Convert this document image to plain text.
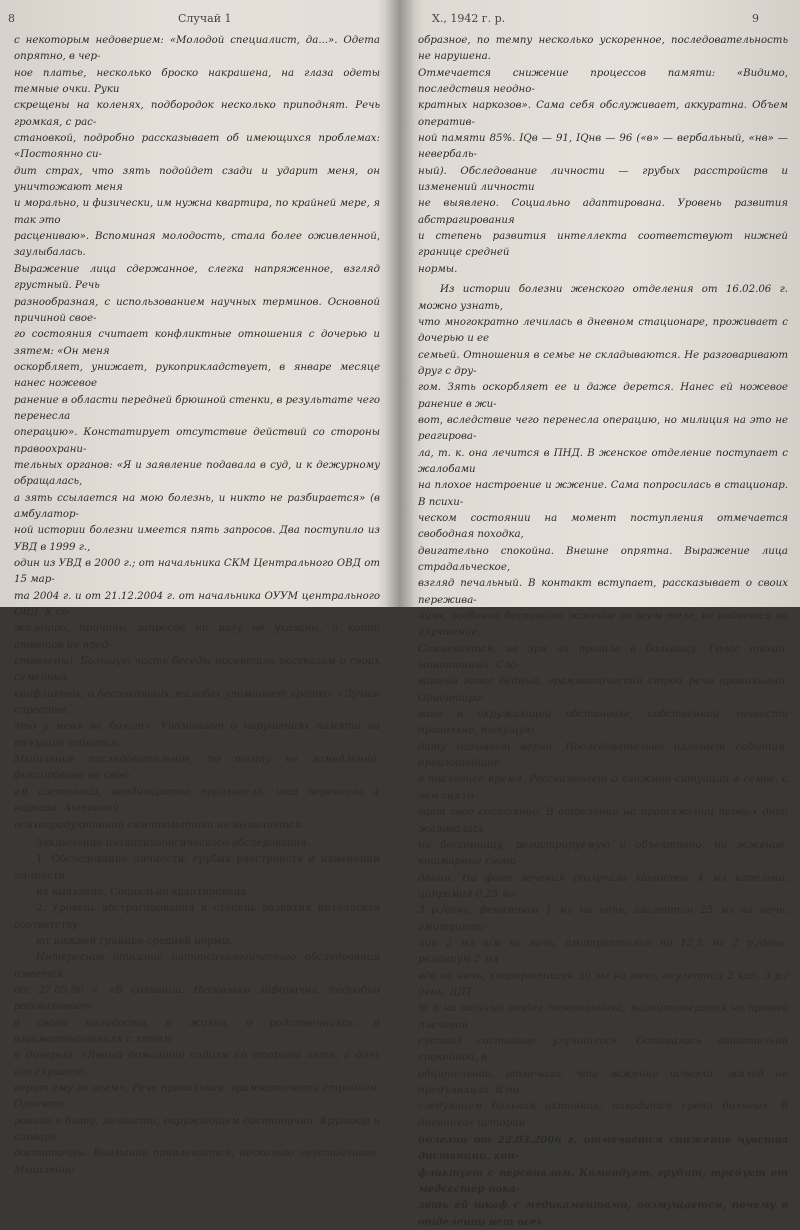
8	Случай 1

с некоторым недоверием: «Молодой специалист, да...». Одета опрятно, в чер-

ное платье, несколько броско накрашена, на глаза одеты темные очки. Руки

скрещены на коленях, подбородок несколько приподнят. Речь громкая, с рас-

становкой, подробно рассказывает об имеющихся проблемах: «Постоянно си-

дит страх, что зять подойдет сзади и ударит меня, он уничтожают меня

и морально, и физически, им нужна квартира, по крайней мере, я так это

расцениваю». Вспоминая молодость, стала более оживленной, заулыбалась.

Выражение лица сдержанное, слегка напряженное, взгляд грустный. Речь

разнообразная, с использованием научных терминов. Основной причиной свое-

го состояния считает конфликтные отношения с дочерью и зятем: «Он меня

оскорбляет, унижает, рукоприкладствует, в январе месяце нанес ножевое

ранение в области передней брюшной стенки, в результате чего перенесла

операцию». Констатирует отсутствие действий со стороны правоохрани-

тельных органов: «Я и заявление подавала в суд, и к дежурному обращалась,

а зять ссылается на мою болезнь, и никто не разбирается» (в амбулатор-

ной истории болезни имеется пять запросов. Два поступило из УВД в 1999 г.,

один из УВД в 2000 г.; от начальника СКМ Центрального ОВД от 15 мар-

та 2004 г. и от 21.12.2004 г. от начальника ОУУМ центрального ОВД. К со-

жалению, причины запросов ни разу не указаны, а копии ответов не пред-

ставлены). Большую часть беседы посвятила рассказам о своих семейных

конфликтах, о беспокоящих жалобах упоминает кратко: «Лучше спросите,

что у меня не болит». Упоминает о нарушениях памяти на текущие события.

Мышление последовательное, по темпу не замедленно, фиксирована на свое-

ем состоянии, неоднократно произнесла, что перенесла 4 наркоза. Активной

психопродуктивной симптоматики не выявляется.

Заключение патопсихологического обследования:

1. Обследование личности: грубых расстройств и изменений личности

не выявлено. Социально адаптирована.

2. Уровень абстрагирования и степень развития интеллекта соответству-

ют нижней границе средней нормы.

Интересное описание патопсихологического обследования имеется

от 27.05.06 г. «В сознании. Несколько эйфорична, подробно рассказывает

о своей молодости, о жизни, о родственниках, о взаимоотношениях с зятем

и дочерью: «Явный домашний садизм со стороны зятя, а дочь его слушает,

верит ему во всем». Речь правильная, грамматически стройная. Ориенти-

рована в быту, личности, окружающем достаточно. Кругозор и словарь

достаточны. Внимание привлекается, несколько неустойчивое. Мышление

Х., 1942 г. р.	9

образное, по темпу несколько ускоренное, последовательность не нарушена.

Отмечается снижение процессов памяти: «Видимо, последствия неодно-

кратных наркозов». Сама себя обслуживает, аккуратна. Объем оператив-

ной памяти 85%. IQв — 91, IQнв — 96 («в» — вербальный, «нв» — невербаль-

ный). Обследование личности — грубых расстройств и изменений личности

не выявлено. Социально адаптирована. Уровень развития абстрагирования

и степень развития интеллекта соответствуют нижней границе средней

нормы.

Из истории болезни женского отделения от 16.02.06 г. можно узнать,

что многократно лечилась в дневном стационаре, проживает с дочерью и ее

семьей. Отношения в семье не складываются. Не разговаривают друг с дру-

гом. Зять оскорбляет ее и даже дерется. Нанес ей ножевое ранение в жи-

вот, вследствие чего перенесла операцию, но милиция на это не реагирова-

ла, т. к. она лечится в ПНД. В женское отделение поступает с жалобами

на плохое настроение и жжение. Сама попросилась в стационар. В психи-

ческом состоянии на момент поступления отмечается свободная походка,

двигательно спокойна. Внешне опрятна. Выражение лица страдальческое,

взгляд печальный. В контакт вступает, рассказывает о своих пережива-

ниях, особенно беспокоит жжение во всем теле, не надеется на улучшение.

Сомневается, не зря ли пришла в больницу. Голос тихий, монотонный. Сло-

варный запас бедный, грамматический строй речи правильный. Ориентиро-

вана в окружающей обстановке, собственной личности правильно, текущую

дату называет верно. Последовательно излагает события, произошедшие

в последнее время. Рассказывает о сложной ситуации в семье, с чем связы-

вает свое состояние. В отделении на протяжении первых дней жаловалась

на бессонницу, регистрируемую и объективно, на жжение, кошмарные снови-

дения. На фоне лечения (получала кавинтон 4 мл капельно, ципрамил 0,25 мг

3 р./день, феназепам 1 мг на ночь, азалептин 25 мг на ночь, амитрипти-

лин 2 мл в/м на ночь, амитриптилин по 12,5 мг 2 р./день, реланиум 2 мл

в/м на ночь, хлорпротиксен 50 мг на ночь, неулептил 2 кап. 3 р./день, ДДТ

№ 6 на шейный отдел позвоночника, магнитотерапия на правый плечевой

сустав) состояние улучшилось. Оставалась двигательно спокойной, в

обцительной, отмечала, что жжение исчезло, жалоб не предъявляла. В по-

следующем больная активная, находится среди больных. В дневниках истории

болезни от 22.03.2006 г. отмечается снижение чувства дистанции, кон-

фликтует с персоналом. Командует, грубит, требует от медсестер пока-

зать ей шкаф с медикаментами, возмущается, почему в отделении нет всех
